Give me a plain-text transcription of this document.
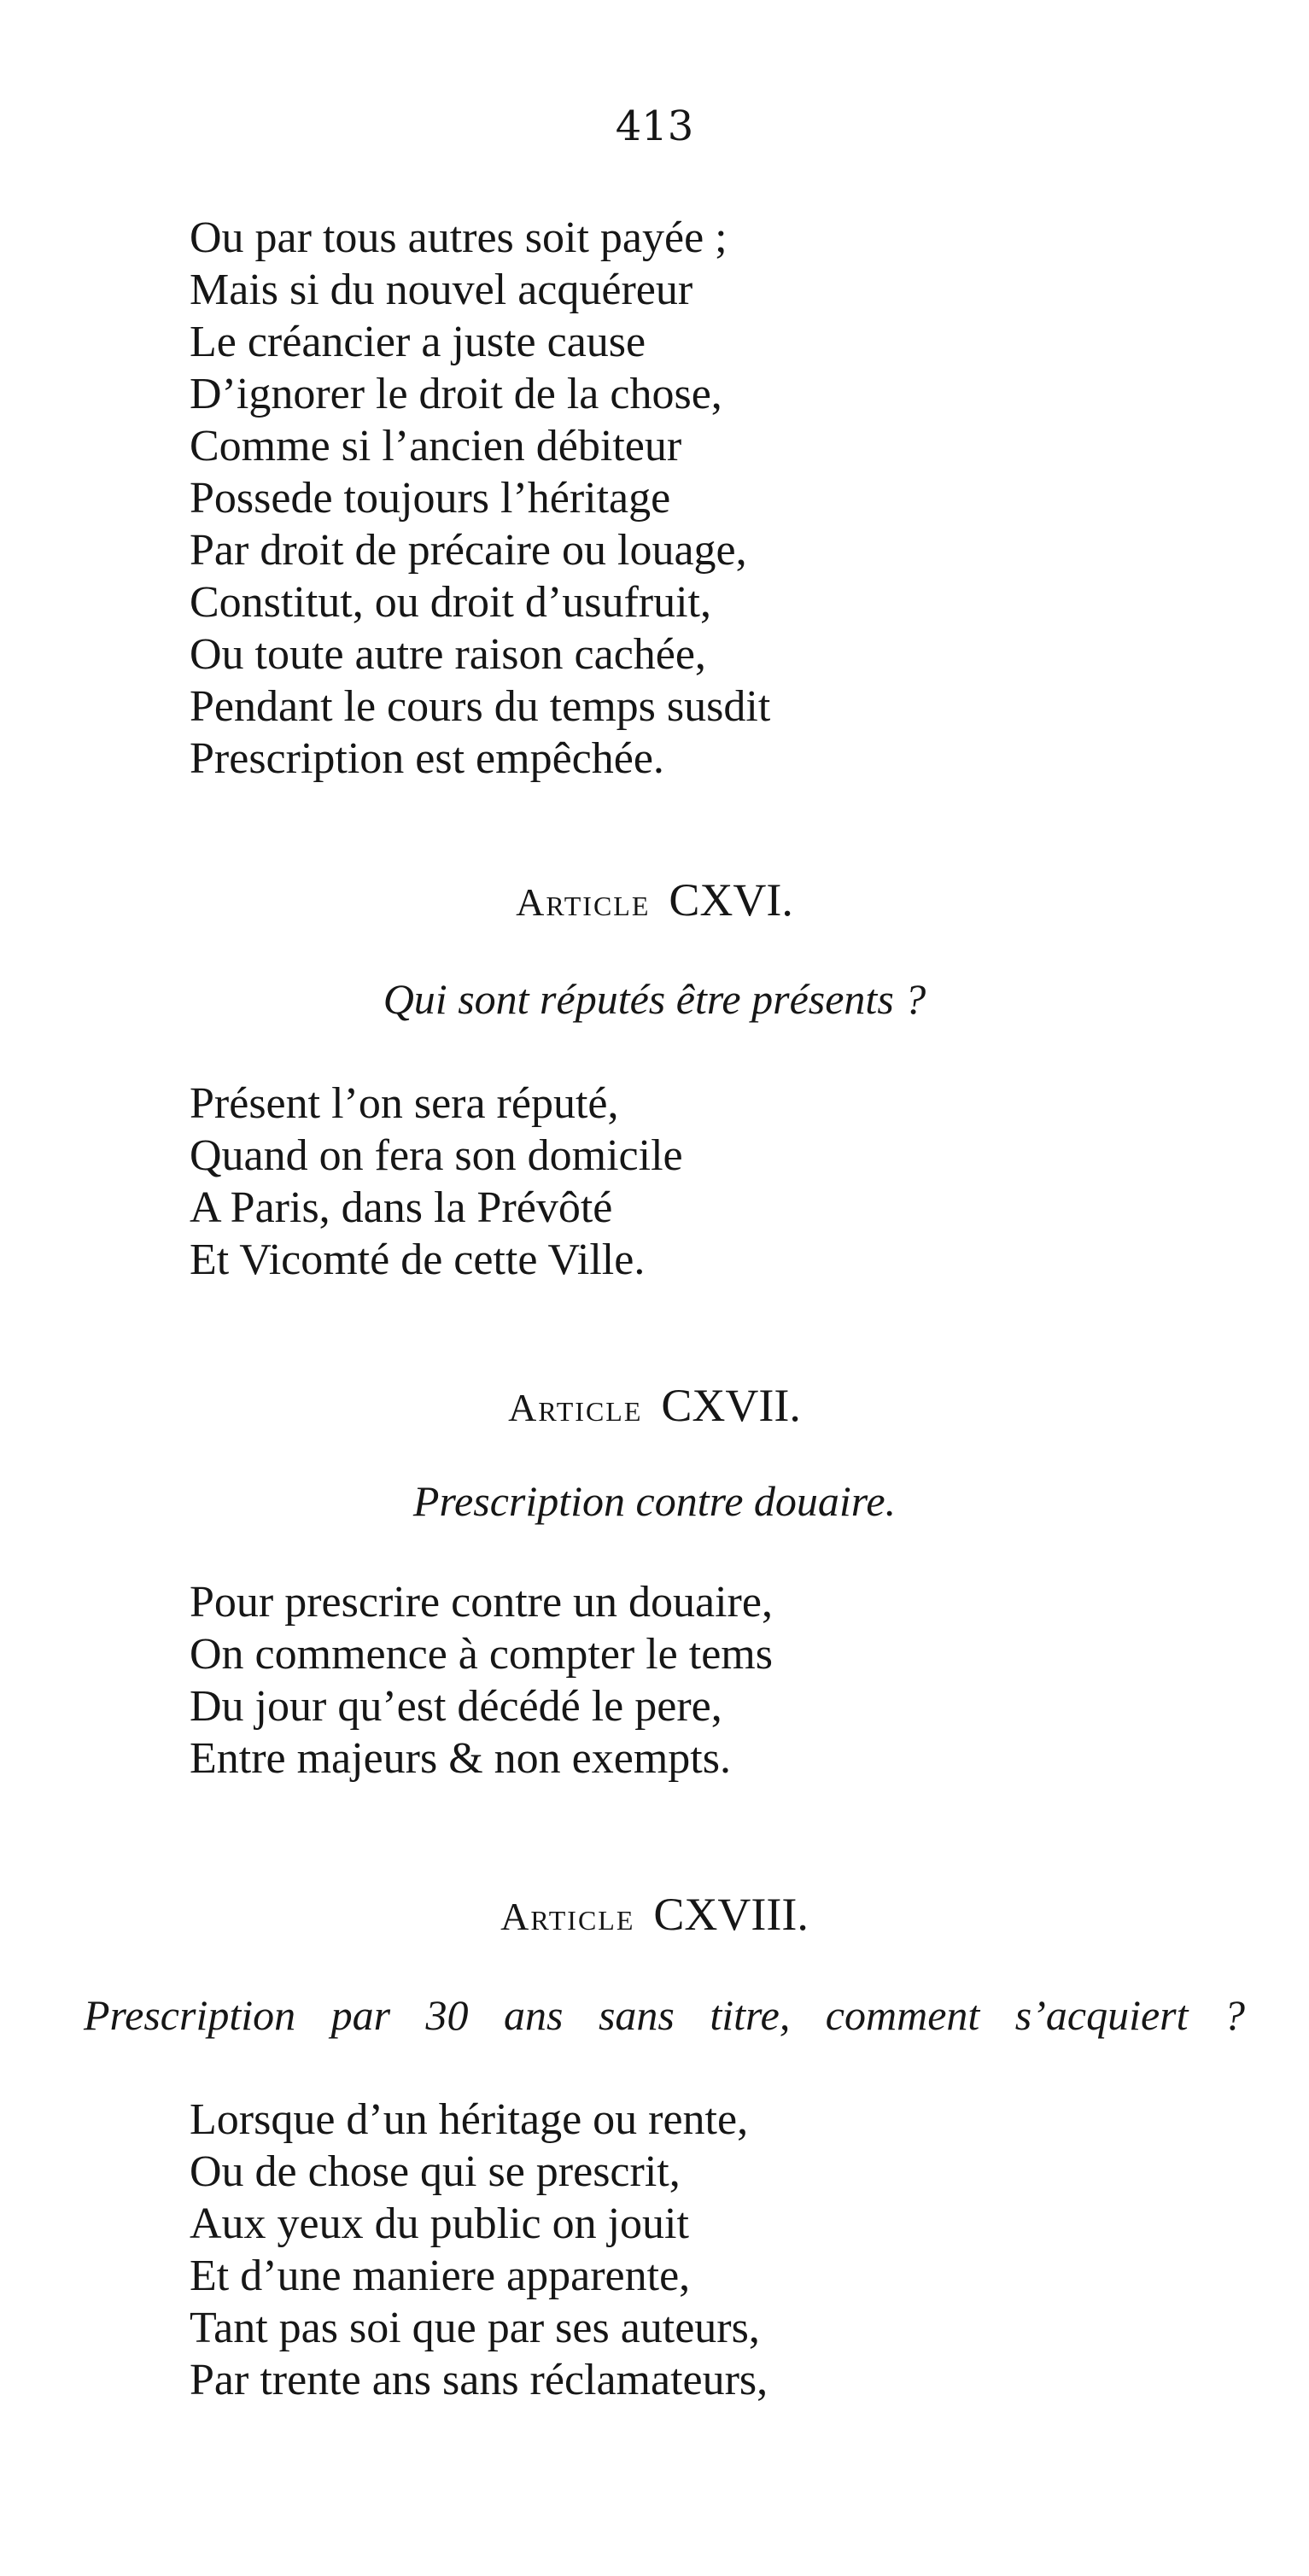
413
Ou par tous autres soit payée ;
Mais si du nouvel acquéreur
Le créancier a juste cause
D’ignorer le droit de la chose,
Comme si l’ancien débiteur
Possede toujours l’héritage
Par droit de précaire ou louage,
Constitut, ou droit d’usufruit,
Ou toute autre raison cachée,
Pendant le cours du temps susdit
Prescription est empêchée.
Article CXVI.
Qui sont réputés être présents ?
Présent l’on sera réputé,
Quand on fera son domicile
A Paris, dans la Prévôté
Et Vicomté de cette Ville.
Article CXVII.
Prescription contre douaire.
Pour prescrire contre un douaire,
On commence à compter le tems
Du jour qu’est décédé le pere,
Entre majeurs & non exempts.
Article CXVIII.
Prescription par 30 ans sans titre, comment s’acquiert ?
Lorsque d’un héritage ou rente,
Ou de chose qui se prescrit,
Aux yeux du public on jouit
Et d’une maniere apparente,
Tant pas soi que par ses auteurs,
Par trente ans sans réclamateurs,
